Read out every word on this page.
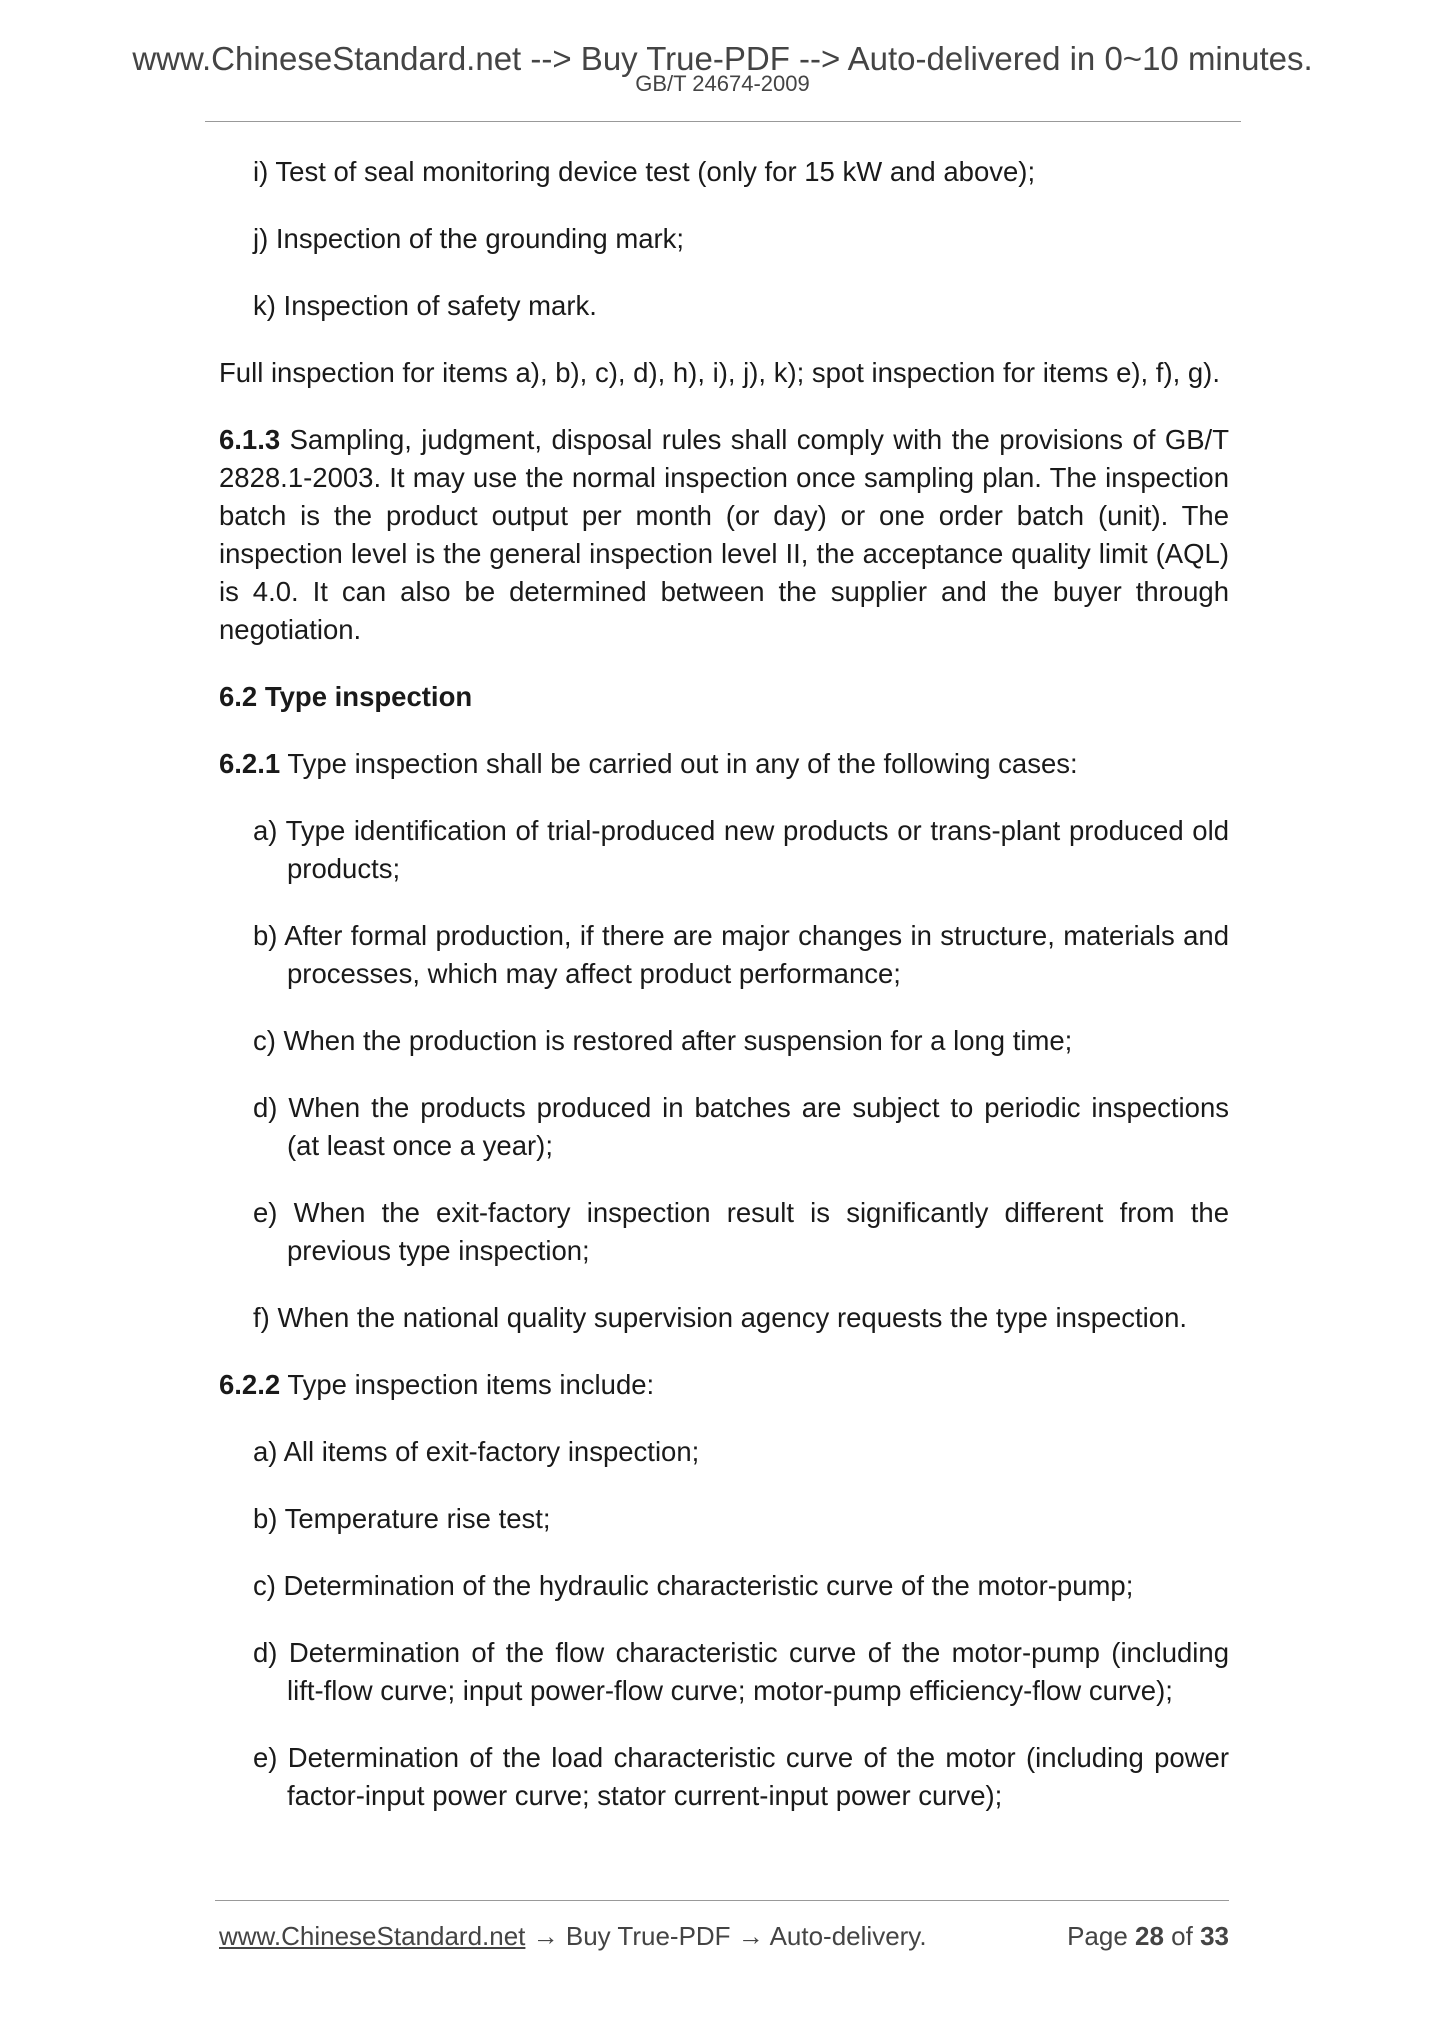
www.ChineseStandard.net --> Buy True-PDF --> Auto-delivered in 0~10 minutes.
GB/T 24674-2009
i) Test of seal monitoring device test (only for 15 kW and above);
j) Inspection of the grounding mark;
k) Inspection of safety mark.
Full inspection for items a), b), c), d), h), i), j), k); spot inspection for items e), f), g).
6.1.3 Sampling, judgment, disposal rules shall comply with the provisions of GB/T 2828.1-2003. It may use the normal inspection once sampling plan. The inspection batch is the product output per month (or day) or one order batch (unit). The inspection level is the general inspection level II, the acceptance quality limit (AQL) is 4.0. It can also be determined between the supplier and the buyer through negotiation.
6.2 Type inspection
6.2.1 Type inspection shall be carried out in any of the following cases:
a) Type identification of trial-produced new products or trans-plant produced old products;
b) After formal production, if there are major changes in structure, materials and processes, which may affect product performance;
c) When the production is restored after suspension for a long time;
d) When the products produced in batches are subject to periodic inspections (at least once a year);
e) When the exit-factory inspection result is significantly different from the previous type inspection;
f) When the national quality supervision agency requests the type inspection.
6.2.2 Type inspection items include:
a) All items of exit-factory inspection;
b) Temperature rise test;
c) Determination of the hydraulic characteristic curve of the motor-pump;
d) Determination of the flow characteristic curve of the motor-pump (including lift-flow curve; input power-flow curve; motor-pump efficiency-flow curve);
e) Determination of the load characteristic curve of the motor (including power factor-input power curve; stator current-input power curve);
www.ChineseStandard.net → Buy True-PDF → Auto-delivery.	Page 28 of 33
